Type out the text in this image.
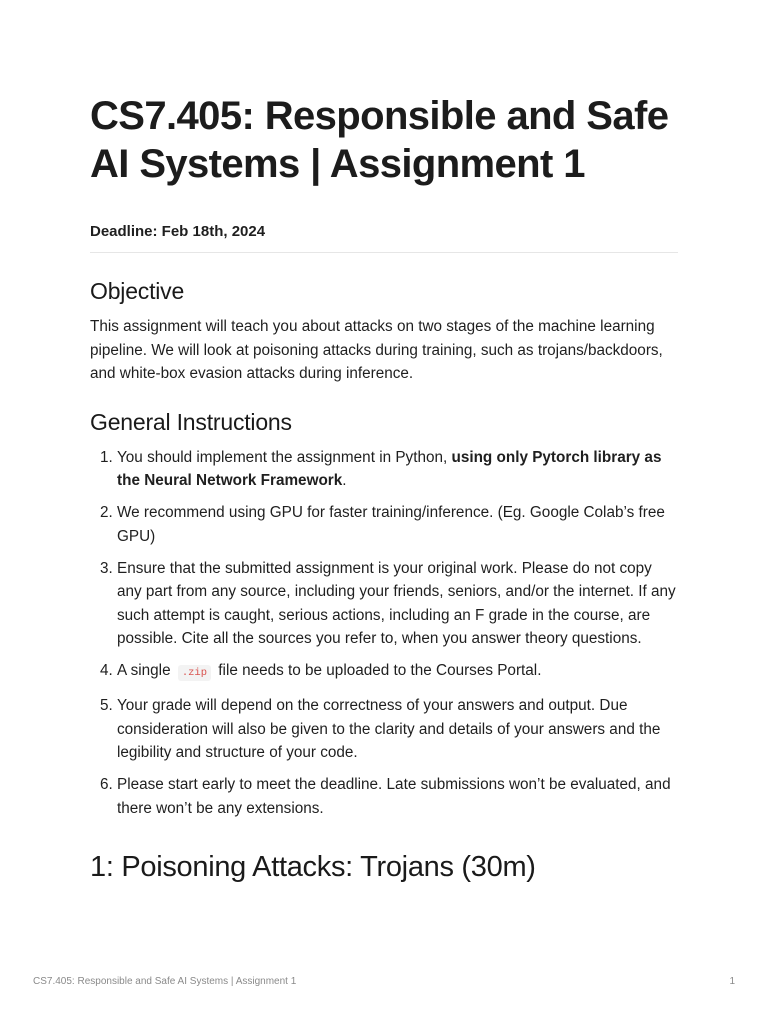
CS7.405: Responsible and Safe AI Systems | Assignment 1
Deadline: Feb 18th, 2024
Objective

This assignment will teach you about attacks on two stages of the machine learning pipeline. We will look at poisoning attacks during training, such as trojans/backdoors, and white-box evasion attacks during inference.

General Instructions
1. You should implement the assignment in Python, using only Pytorch library as the Neural Network Framework.
2. We recommend using GPU for faster training/inference. (Eg. Google Colab’s free GPU)
3. Ensure that the submitted assignment is your original work. Please do not copy any part from any source, including your friends, seniors, and/or the internet. If any such attempt is caught, serious actions, including an F grade in the course, are possible. Cite all the sources you refer to, when you answer theory questions.
4. A single .zip file needs to be uploaded to the Courses Portal.
5. Your grade will depend on the correctness of your answers and output. Due consideration will also be given to the clarity and details of your answers and the legibility and structure of your code.
6. Please start early to meet the deadline. Late submissions won’t be evaluated, and there won’t be any extensions.
1: Poisoning Attacks: Trojans (30m)
CS7.405: Responsible and Safe AI Systems | Assignment 1	1
